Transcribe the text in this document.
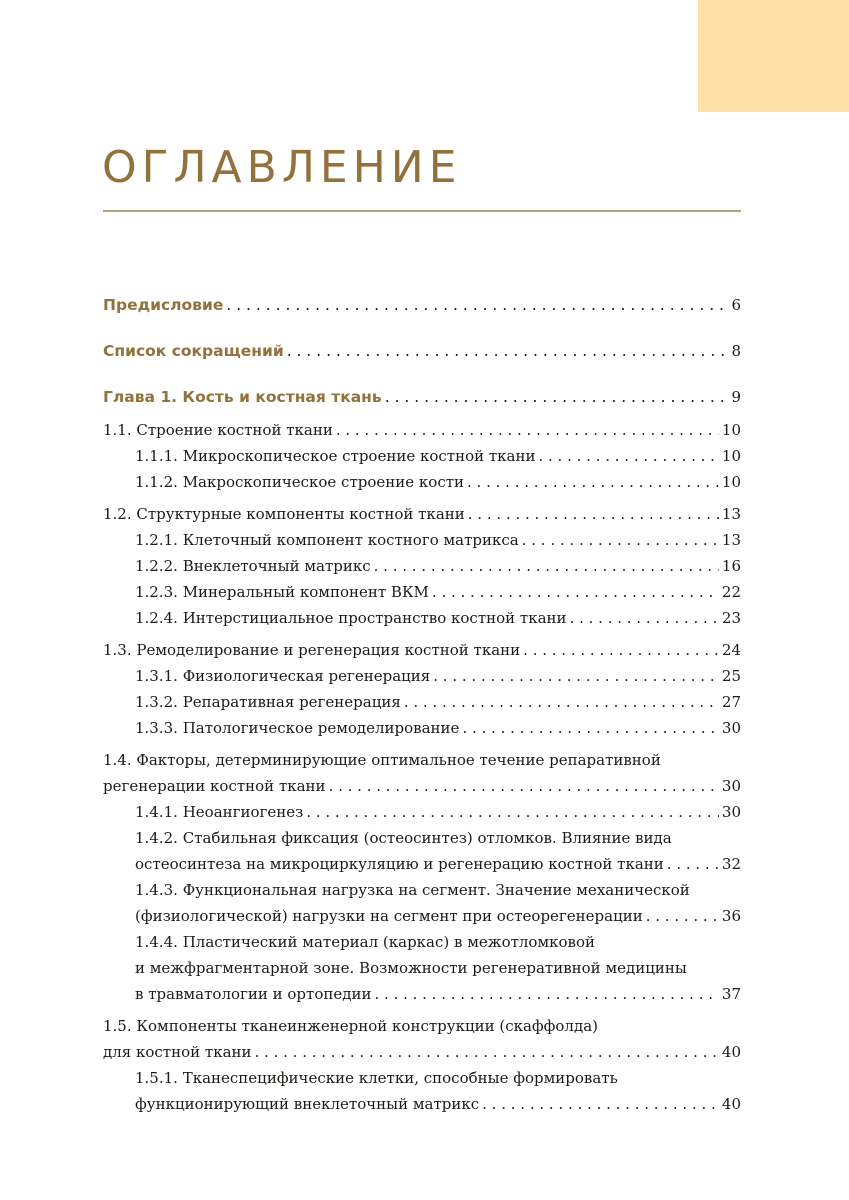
ОГЛАВЛЕНИЕ
Предисловие . . .	6
Список сокращений . . .	8
Глава 1. Кость и костная ткань . . .	9
1.1. Строение костной ткани . . .	10
1.1.1. Микроскопическое строение костной ткани . . .	10
1.1.2. Макроскопическое строение кости . . .	10
1.2. Структурные компоненты костной ткани . . .	13
1.2.1. Клеточный компонент костного матрикса . . .	13
1.2.2. Внеклеточный матрикс . . .	16
1.2.3. Минеральный компонент ВКМ . . .	22
1.2.4. Интерстициальное пространство костной ткани . . .	23
1.3. Ремоделирование и регенерация костной ткани . . .	24
1.3.1. Физиологическая регенерация . . .	25
1.3.2. Репаративная регенерация . . .	27
1.3.3. Патологическое ремоделирование . . .	30
1.4. Факторы, детерминирующие оптимальное течение репаративной
регенерации костной ткани . . .	30
1.4.1. Неоангиогенез . . .	30
1.4.2. Стабильная фиксация (остеосинтез) отломков. Влияние вида
остеосинтеза на микроциркуляцию и регенерацию костной ткани . . .	32
1.4.3. Функциональная нагрузка на сегмент. Значение механической
(физиологической) нагрузки на сегмент при остеорегенерации . . .	36
1.4.4. Пластический материал (каркас) в межотломковой
и межфрагментарной зоне. Возможности регенеративной медицины
в травматологии и ортопедии . . .	37
1.5. Компоненты тканеинженерной конструкции (скаффолда)
для костной ткани . . .	40
1.5.1. Тканеспецифические клетки, способные формировать
функционирующий внеклеточный матрикс . . .	40
